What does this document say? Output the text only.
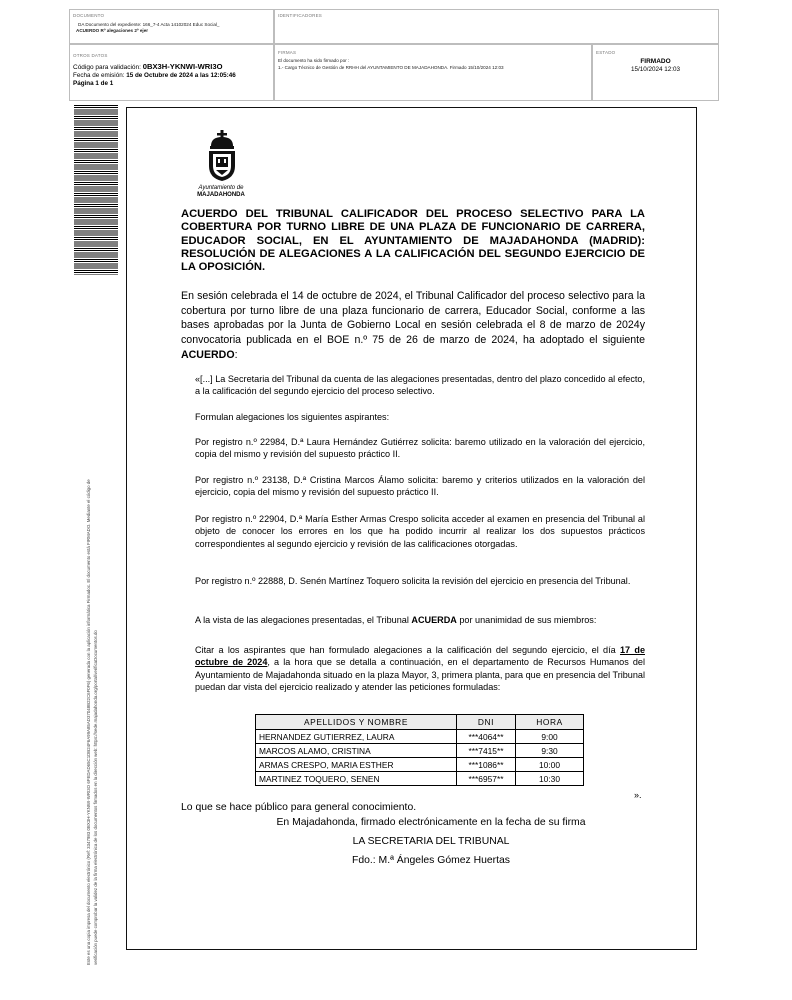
DOCUMENTO
DA Documento del expediente: 166_7-4 Acta 14102024 Educ Social_
ACUERDO Rº alegaciones 2º ejer
IDENTIFICADORES
OTROS DATOS
Código para validación: 0BX3H-YKNWI-WRI3O
Fecha de emisión: 15 de Octubre de 2024 a las 12:05:46
Página 1 de 1
FIRMAS
El documento ha sido firmado por :
1.- Cargo Técnico de Gestión de RRHH del AYUNTAMIENTO DE MAJADAHONDA. Firmado 15/10/2024 12:03
ESTADO
FIRMADO
15/10/2024 12:03
Este es una copia impresa del documento electrónico (Ref: 3347983 0BX3H-YKNWI-WRI3O 6FEDAD65C1DB24F6A99A85AD37048B22C6F0F6) generada con la aplicación informática Firmadoc. El documento está FIRMADO. Mediante el código de verificación puede comprobar la validez de la firma electrónica de los documentos firmados en la dirección web: https://sede.majadahonda.org/portal/verificaDocumentos.do
Ayuntamiento de
MAJADAHONDA
ACUERDO DEL TRIBUNAL CALIFICADOR DEL PROCESO SELECTIVO PARA LA COBERTURA POR TURNO LIBRE DE UNA PLAZA DE FUNCIONARIO DE CARRERA, EDUCADOR SOCIAL, EN EL AYUNTAMIENTO DE MAJADAHONDA (MADRID): RESOLUCIÓN DE ALEGACIONES A LA CALIFICACIÓN DEL SEGUNDO EJERCICIO DE LA OPOSICIÓN.
En sesión celebrada el 14 de octubre de 2024, el Tribunal Calificador del proceso selectivo para la cobertura por turno libre de una plaza funcionario de carrera, Educador Social, conforme a las bases aprobadas por la Junta de Gobierno Local en sesión celebrada el 8 de marzo de 2024y convocatoria publicada en el BOE n.º 75 de 26 de marzo de 2024, ha adoptado el siguiente ACUERDO:
«[...] La Secretaria del Tribunal da cuenta de las alegaciones presentadas, dentro del plazo concedido al efecto, a la calificación del segundo ejercicio del proceso selectivo.
Formulan alegaciones los siguientes aspirantes:
Por registro n.º 22984, D.ª Laura Hernández Gutiérrez solicita: baremo utilizado en la valoración del ejercicio, copia del mismo y revisión del supuesto práctico II.
Por registro n.º 23138, D.ª Cristina Marcos Álamo solicita: baremo y criterios utilizados en la valoración del ejercicio, copia del mismo y revisión del supuesto práctico II.
Por registro n.º 22904, D.ª María Esther Armas Crespo solicita acceder al examen en presencia del Tribunal al objeto de conocer los errores en los que ha podido incurrir al realizar los dos supuestos prácticos correspondientes al segundo ejercicio y revisión de las calificaciones otorgadas.
Por registro n.º 22888, D. Senén Martínez Toquero solicita la revisión del ejercicio en presencia del Tribunal.
A la vista de las alegaciones presentadas, el Tribunal ACUERDA por unanimidad de sus miembros:
Citar a los aspirantes que han formulado alegaciones a la calificación del segundo ejercicio, el día 17 de octubre de 2024, a la hora que se detalla a continuación, en el departamento de Recursos Humanos del Ayuntamiento de Majadahonda situado en la plaza Mayor, 3, primera planta, para que en presencia del Tribunal puedan dar vista del ejercicio realizado y atender las peticiones formuladas:
APELLIDOS Y NOMBRE	DNI	HORA
HERNANDEZ GUTIERREZ, LAURA	***4064**	9:00
MARCOS ALAMO, CRISTINA	***7415**	9:30
ARMAS CRESPO, MARIA ESTHER	***1086**	10:00
MARTINEZ TOQUERO, SENEN	***6957**	10:30
».
Lo que se hace público para general conocimiento.
En Majadahonda, firmado electrónicamente en la fecha de su firma
LA SECRETARIA DEL TRIBUNAL
Fdo.: M.ª Ángeles Gómez Huertas
